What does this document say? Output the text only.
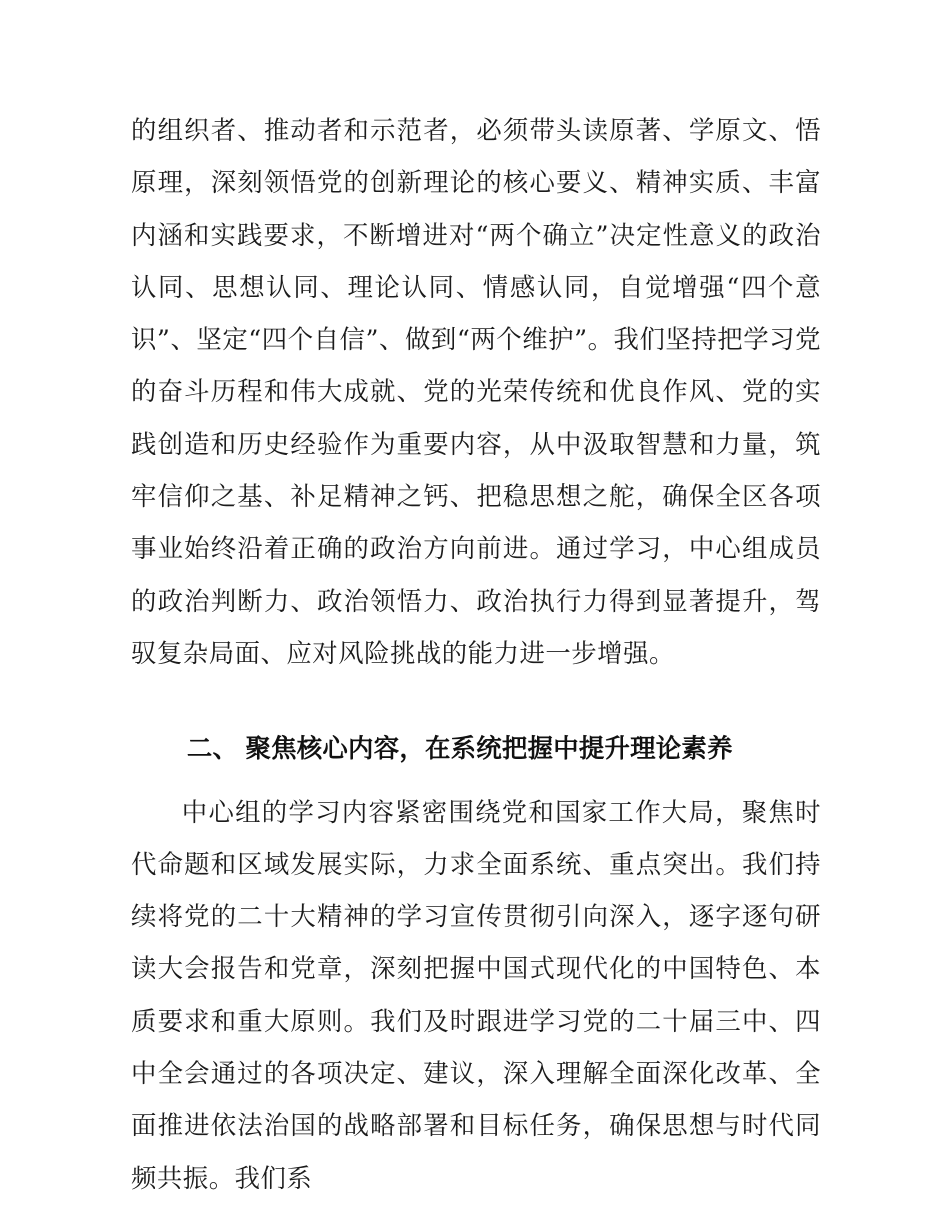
的组织者、推动者和示范者，必须带头读原著、学原文、悟原理，深刻领悟党的创新理论的核心要义、精神实质、丰富内涵和实践要求，不断增进对“两个确立”决定性意义的政治认同、思想认同、理论认同、情感认同，自觉增强“四个意识”、坚定“四个自信”、做到“两个维护”。我们坚持把学习党的奋斗历程和伟大成就、党的光荣传统和优良作风、党的实践创造和历史经验作为重要内容，从中汲取智慧和力量，筑牢信仰之基、补足精神之钙、把稳思想之舵，确保全区各项事业始终沿着正确的政治方向前进。通过学习，中心组成员的政治判断力、政治领悟力、政治执行力得到显著提升，驾驭复杂局面、应对风险挑战的能力进一步增强。

二、 聚焦核心内容，在系统把握中提升理论素养

中心组的学习内容紧密围绕党和国家工作大局，聚焦时代命题和区域发展实际，力求全面系统、重点突出。我们持续将党的二十大精神的学习宣传贯彻引向深入，逐字逐句研读大会报告和党章，深刻把握中国式现代化的中国特色、本质要求和重大原则。我们及时跟进学习党的二十届三中、四中全会通过的各项决定、建议，深入理解全面深化改革、全面推进依法治国的战略部署和目标任务，确保思想与时代同频共振。我们系
